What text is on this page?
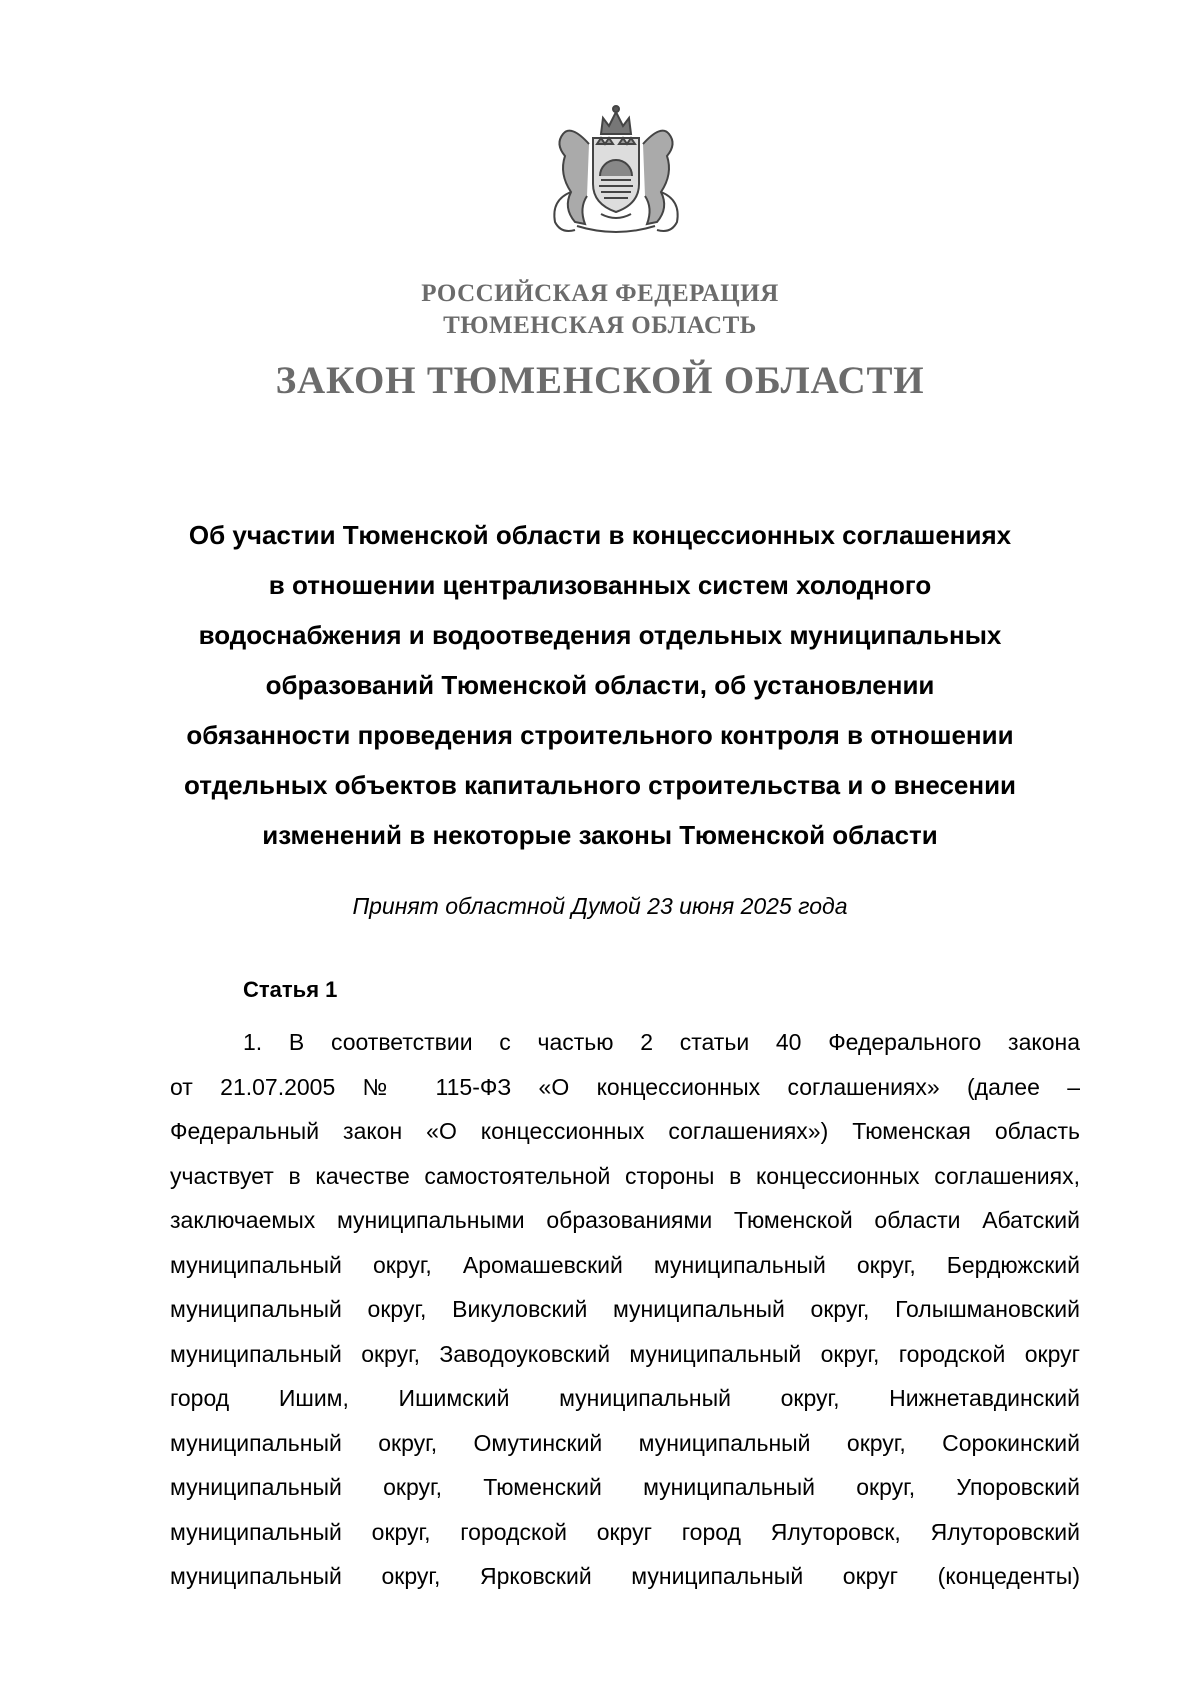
РОССИЙСКАЯ ФЕДЕРАЦИЯ
ТЮМЕНСКАЯ ОБЛАСТЬ
ЗАКОН ТЮМЕНСКОЙ ОБЛАСТИ
Об участии Тюменской области в концессионных соглашениях
в отношении централизованных систем холодного
водоснабжения и водоотведения отдельных муниципальных
образований Тюменской области, об установлении
обязанности проведения строительного контроля в отношении
отдельных объектов капитального строительства и о внесении
изменений в некоторые законы Тюменской области
Принят областной Думой 23 июня 2025 года
Статья 1
1. В соответствии с частью 2 статьи 40 Федерального закона
от 21.07.2005 № 115-ФЗ «О концессионных соглашениях» (далее –
Федеральный закон «О концессионных соглашениях») Тюменская область
участвует в качестве самостоятельной стороны в концессионных соглашениях,
заключаемых муниципальными образованиями Тюменской области Абатский
муниципальный округ, Аромашевский муниципальный округ, Бердюжский
муниципальный округ, Викуловский муниципальный округ, Голышмановский
муниципальный округ, Заводоуковский муниципальный округ, городской округ
город Ишим, Ишимский муниципальный округ, Нижнетавдинский
муниципальный округ, Омутинский муниципальный округ, Сорокинский
муниципальный округ, Тюменский муниципальный округ, Упоровский
муниципальный округ, городской округ город Ялуторовск, Ялуторовский
муниципальный округ, Ярковский муниципальный округ (концеденты)
